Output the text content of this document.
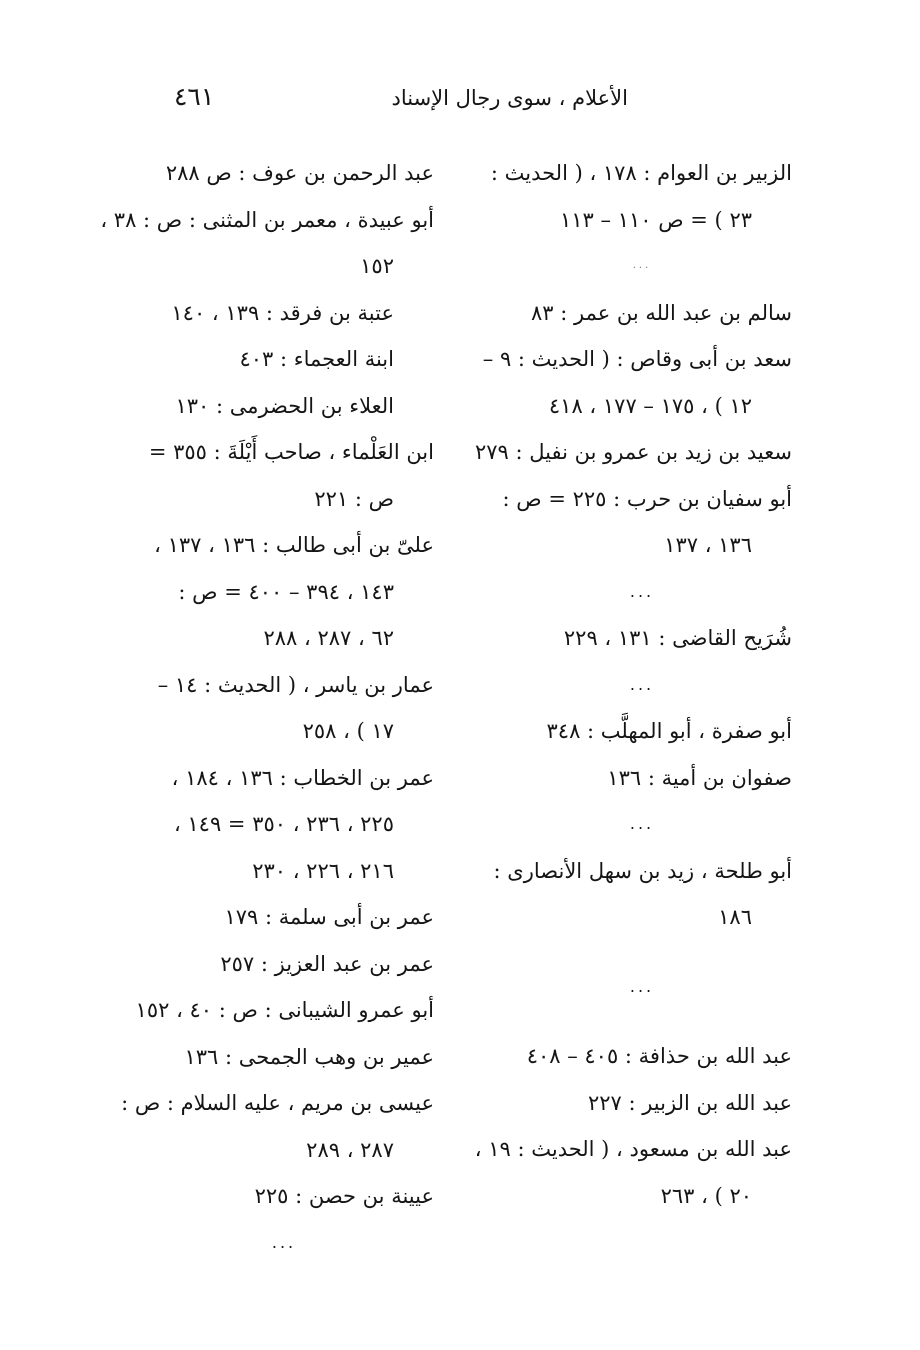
الأعلام ، سوى رجال الإسناد
٤٦١
الزبير بن العوام : ١٧٨ ، ( الحديث :
٢٣ ) = ص ١١٠ – ١١٣
...
سالم بن عبد الله بن عمر : ٨٣
سعد بن أبى وقاص : ( الحديث : ٩ –
١٢ ) ، ١٧٥ – ١٧٧ ، ٤١٨
سعيد بن زيد بن عمرو بن نفيل : ٢٧٩
أبو سفيان بن حرب : ٢٢٥ = ص :
١٣٦ ، ١٣٧
...
شُرَيح القاضى : ١٣١ ، ٢٢٩
...
أبو صفرة ، أبو المهلَّب : ٣٤٨
صفوان بن أمية : ١٣٦
...
أبو طلحة ، زيد بن سهل الأنصارى :
١٨٦
...
عبد الله بن حذافة : ٤٠٥ – ٤٠٨
عبد الله بن الزبير : ٢٢٧
عبد الله بن مسعود ، ( الحديث : ١٩ ،
٢٠ ) ، ٢٦٣
عبد الرحمن بن عوف : ص ٢٨٨
أبو عبيدة ، معمر بن المثنى : ص : ٣٨ ،
١٥٢
عتبة بن فرقد : ١٣٩ ، ١٤٠
ابنة العجماء : ٤٠٣
العلاء بن الحضرمى : ١٣٠
ابن العَلْماء ، صاحب أَيْلَةَ : ٣٥٥ =
ص : ٢٢١
علىّ بن أبى طالب : ١٣٦ ، ١٣٧ ،
١٤٣ ، ٣٩٤ – ٤٠٠ = ص :
٦٢ ، ٢٨٧ ، ٢٨٨
عمار بن ياسر ، ( الحديث : ١٤ –
١٧ ) ، ٢٥٨
عمر بن الخطاب : ١٣٦ ، ١٨٤ ،
٢٢٥ ، ٢٣٦ ، ٣٥٠ = ١٤٩ ،
٢١٦ ، ٢٢٦ ، ٢٣٠
عمر بن أبى سلمة : ١٧٩
عمر بن عبد العزيز : ٢٥٧
أبو عمرو الشيبانى : ص : ٤٠ ، ١٥٢
عمير بن وهب الجمحى : ١٣٦
عيسى بن مريم ، عليه السلام : ص :
٢٨٧ ، ٢٨٩
عيينة بن حصن : ٢٢٥
...
